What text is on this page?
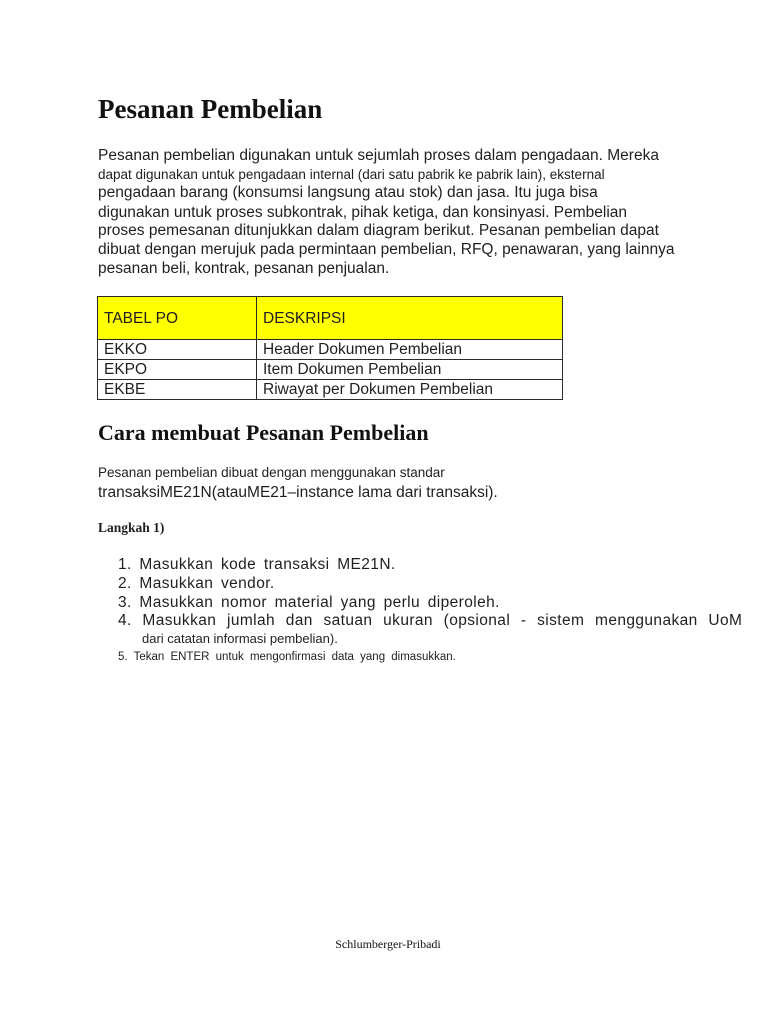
Pesanan Pembelian

Pesanan pembelian digunakan untuk sejumlah proses dalam pengadaan. Mereka

dapat digunakan untuk pengadaan internal (dari satu pabrik ke pabrik lain), eksternal

pengadaan barang (konsumsi langsung atau stok) dan jasa. Itu juga bisa

digunakan untuk proses subkontrak, pihak ketiga, dan konsinyasi. Pembelian

proses pemesanan ditunjukkan dalam diagram berikut. Pesanan pembelian dapat

dibuat dengan merujuk pada permintaan pembelian, RFQ, penawaran, yang lainnya

pesanan beli, kontrak, pesanan penjualan.

TABEL PO	DESKRIPSI
EKKO	Header Dokumen Pembelian
EKPO	Item Dokumen Pembelian
EKBE	Riwayat per Dokumen Pembelian
Cara membuat Pesanan Pembelian

Pesanan pembelian dibuat dengan menggunakan standar

transaksiME21N(atauME21–instance lama dari transaksi).

Langkah 1)

1. Masukkan kode transaksi ME21N.

2. Masukkan vendor.

3. Masukkan nomor material yang perlu diperoleh.

4. Masukkan jumlah dan satuan ukuran (opsional - sistem menggunakan UoM

dari catatan informasi pembelian).

5. Tekan ENTER untuk mengonfirmasi data yang dimasukkan.

Schlumberger-Pribadi
